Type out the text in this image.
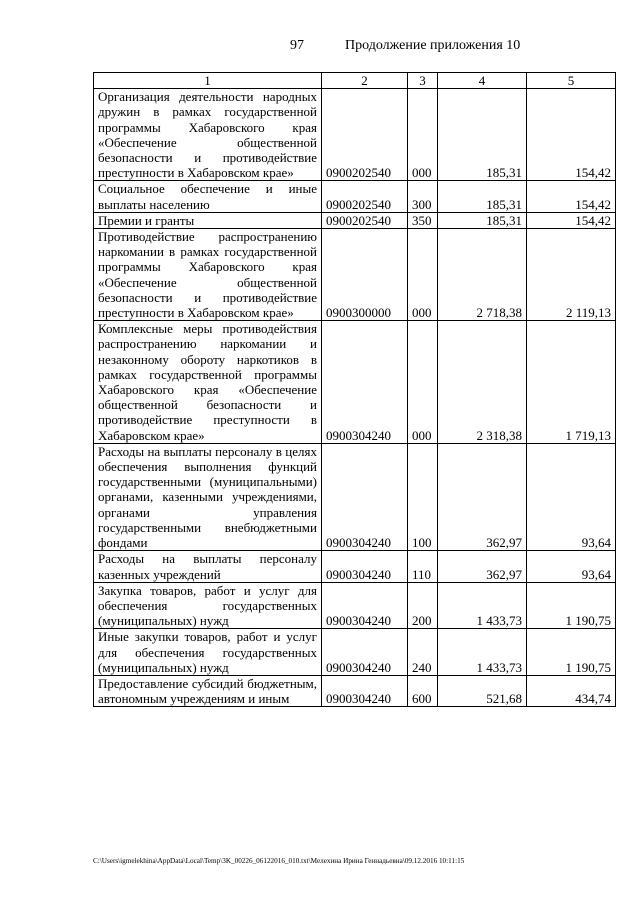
97	Продолжение приложения 10
1	2	3	4	5
Организация деятельности народных дружин в рамках государственной программы Хабаровского края «Обеспечение общественной безопасности и противодействие преступности в Хабаровском крае»	0900202540	000	185,31	154,42
Социальное обеспечение и иные выплаты населению	0900202540	300	185,31	154,42
Премии и гранты	0900202540	350	185,31	154,42
Противодействие распространению наркомании в рамках государственной программы Хабаровского края «Обеспечение общественной безопасности и противодействие преступности в Хабаровском крае»	0900300000	000	2 718,38	2 119,13
Комплексные меры противодействия распространению наркомании и незаконному обороту наркотиков в рамках государственной программы Хабаровского края «Обеспечение общественной безопасности и противодействие преступности в Хабаровском крае»	0900304240	000	2 318,38	1 719,13
Расходы на выплаты персоналу в целях обеспечения выполнения функций государственными (муниципальными) органами, казенными учреждениями, органами управления государственными внебюджетными фондами	0900304240	100	362,97	93,64
Расходы на выплаты персоналу казенных учреждений	0900304240	110	362,97	93,64
Закупка товаров, работ и услуг для обеспечения государственных (муниципальных) нужд	0900304240	200	1 433,73	1 190,75
Иные закупки товаров, работ и услуг для обеспечения государственных (муниципальных) нужд	0900304240	240	1 433,73	1 190,75
Предоставление субсидий бюджетным, автономным учреждениям и иным	0900304240	600	521,68	434,74
C:\Users\igmelekhina\AppData\Local\Temp\3K_00226_06122016_010.txt\Мелехина Ирина Геннадьевна\09.12.2016 10:11:15
